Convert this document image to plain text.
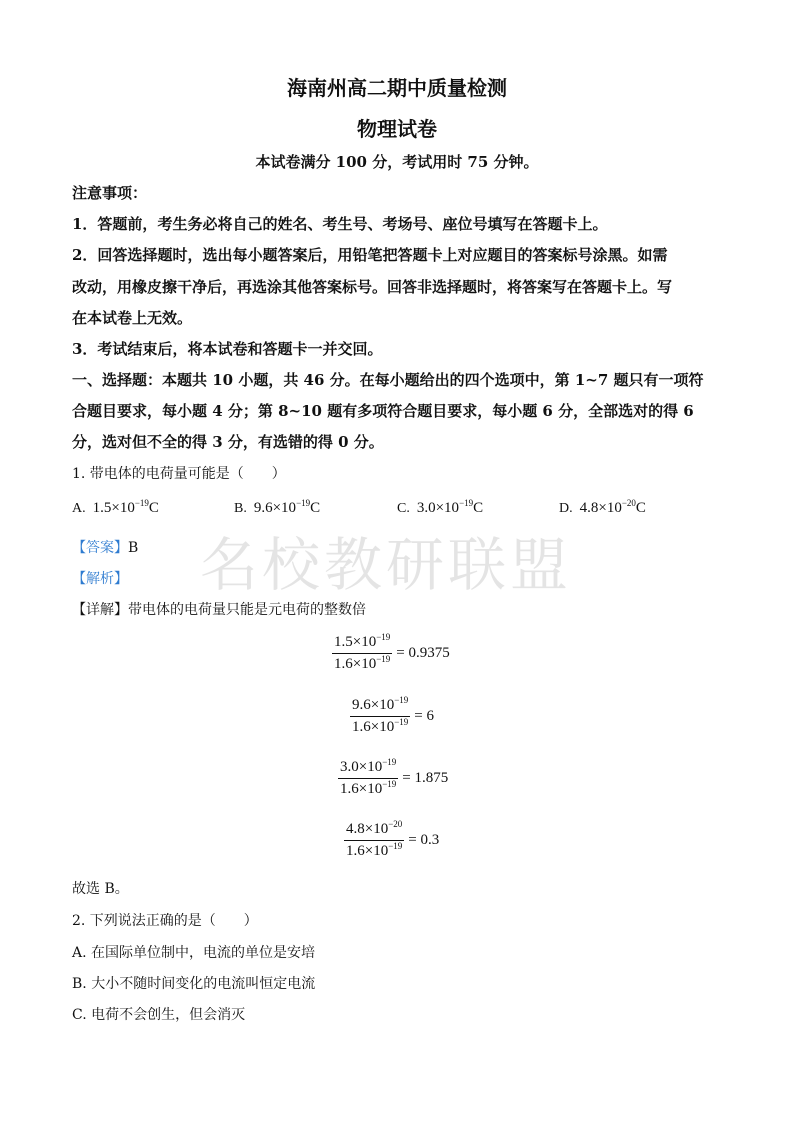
名校教研联盟
海南州高二期中质量检测
物理试卷
本试卷满分 100 分，考试用时 75 分钟。
注意事项：
1．答题前，考生务必将自己的姓名、考生号、考场号、座位号填写在答题卡上。
2．回答选择题时，选出每小题答案后，用铅笔把答题卡上对应题目的答案标号涂黑。如需
改动，用橡皮擦干净后，再选涂其他答案标号。回答非选择题时，将答案写在答题卡上。写
在本试卷上无效。
3．考试结束后，将本试卷和答题卡一并交回。
一、选择题：本题共 10 小题，共 46 分。在每小题给出的四个选项中，第 1~7 题只有一项符
合题目要求，每小题 4 分；第 8~10 题有多项符合题目要求，每小题 6 分，全部选对的得 6
分，选对但不全的得 3 分，有选错的得 0 分。
1. 带电体的电荷量可能是（　　）
A. $1.5\times 10^{-19}C$	B. $9.6\times 10^{-19}C$	C. $3.0\times 10^{-19}C$	D. $4.8\times 10^{-20}C$
【答案】B
【解析】
【详解】带电体的电荷量只能是元电荷的整数倍
$\frac{1.5\times 10^{-19}}{1.6\times 10^{-19}} = 0.9375$
$\frac{9.6\times 10^{-19}}{1.6\times 10^{-19}} = 6$
$\frac{3.0\times 10^{-19}}{1.6\times 10^{-19}} = 1.875$
$\frac{4.8\times 10^{-20}}{1.6\times 10^{-19}} = 0.3$
故选 B。
2. 下列说法正确的是（　　）
A. 在国际单位制中，电流的单位是安培
B. 大小不随时间变化的电流叫恒定电流
C. 电荷不会创生，但会消灭
